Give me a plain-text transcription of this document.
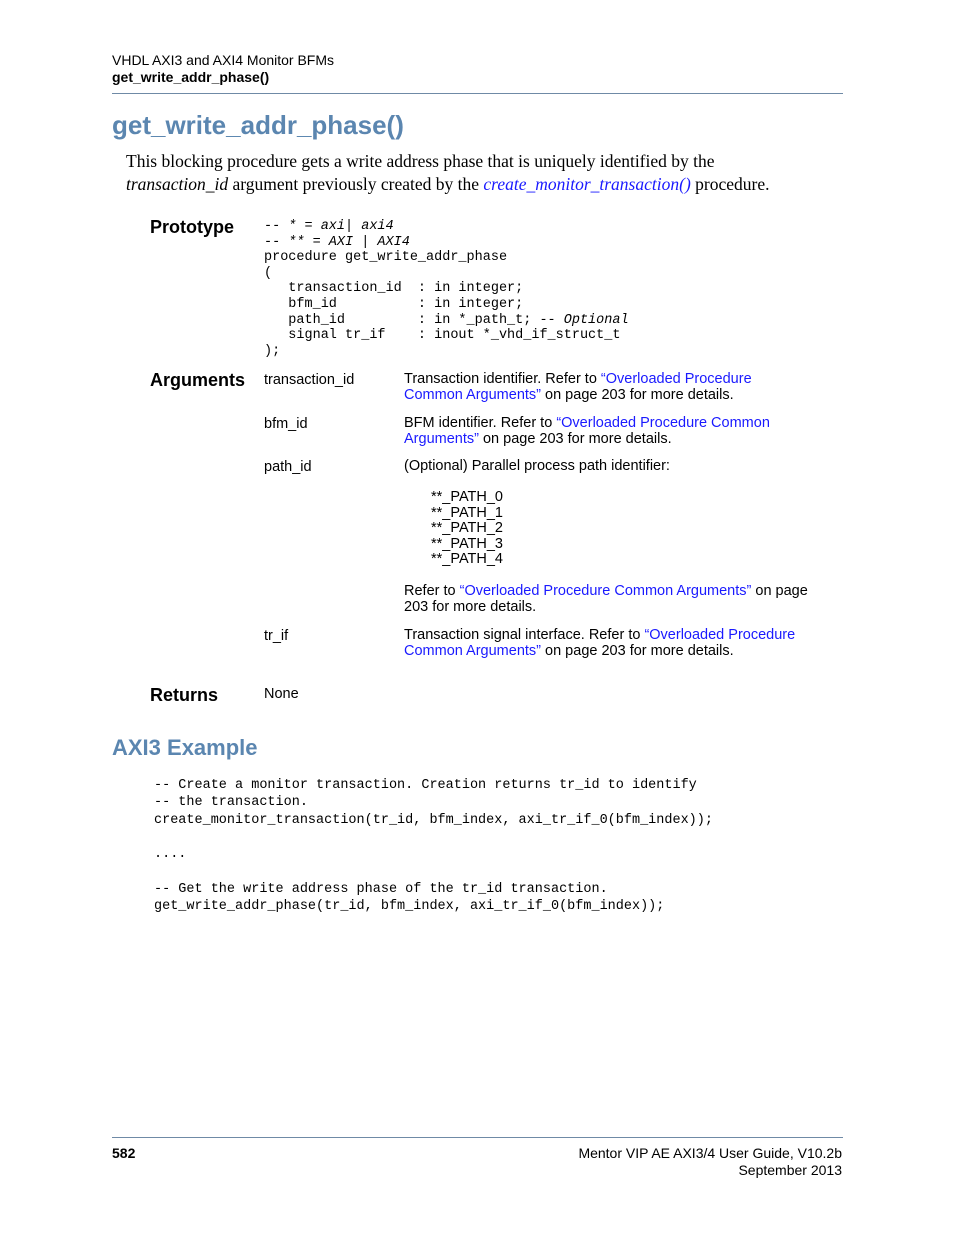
VHDL AXI3 and AXI4 Monitor BFMs
get_write_addr_phase()
get_write_addr_phase()
This blocking procedure gets a write address phase that is uniquely identified by the
transaction_id argument previously created by the create_monitor_transaction() procedure.
Prototype -- * = axi| axi4
-- ** = AXI | AXI4
procedure get_write_addr_phase
(
transaction_id  : in integer;
bfm_id          : in integer;
path_id         : in *_path_t; -- Optional
signal tr_if    : inout *_vhd_if_struct_t
);
Arguments transaction_id	Transaction identifier. Refer to “Overloaded Procedure Common Arguments” on page 203 for more details.
bfm_id	BFM identifier. Refer to “Overloaded Procedure Common Arguments” on page 203 for more details.
path_id	(Optional) Parallel process path identifier:
**_PATH_0
**_PATH_1
**_PATH_2
**_PATH_3
**_PATH_4
Refer to “Overloaded Procedure Common Arguments” on page 203 for more details.
tr_if	Transaction signal interface. Refer to “Overloaded Procedure Common Arguments” on page 203 for more details.
Returns	None
AXI3 Example
-- Create a monitor transaction. Creation returns tr_id to identify
-- the transaction.
create_monitor_transaction(tr_id, bfm_index, axi_tr_if_0(bfm_index));

....

-- Get the write address phase of the tr_id transaction.
get_write_addr_phase(tr_id, bfm_index, axi_tr_if_0(bfm_index));
582	Mentor VIP AE AXI3/4 User Guide, V10.2b
September 2013
